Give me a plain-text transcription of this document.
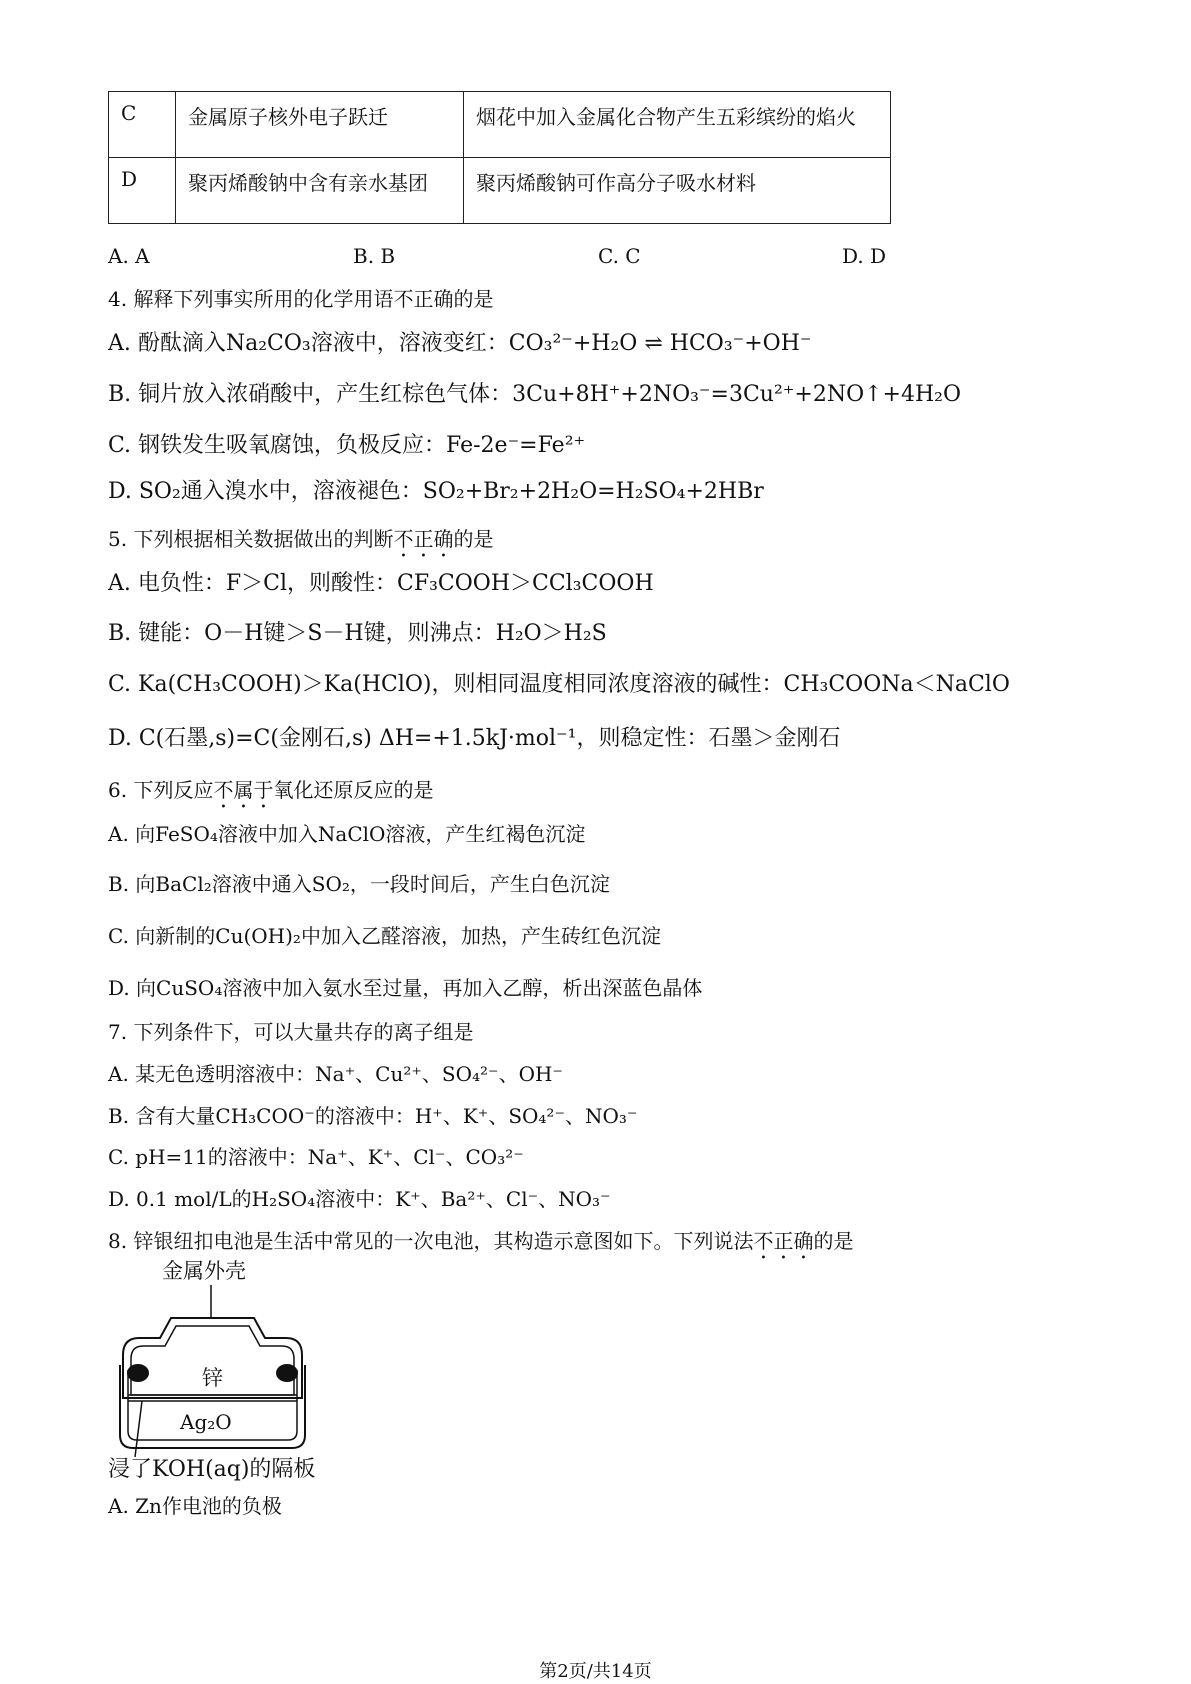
C	金属原子核外电子跃迁	烟花中加入金属化合物产生五彩缤纷的焰火
D	聚丙烯酸钠中含有亲水基团	聚丙烯酸钠可作高分子吸水材料
A. A	B. B	C. C	D. D
4. 解释下列事实所用的化学用语不正确的是
A. 酚酞滴入Na₂CO₃溶液中，溶液变红：CO₃²⁻+H₂O ⇌ HCO₃⁻+OH⁻
B. 铜片放入浓硝酸中，产生红棕色气体：3Cu+8H⁺+2NO₃⁻=3Cu²⁺+2NO↑+4H₂O
C. 钢铁发生吸氧腐蚀，负极反应：Fe-2e⁻=Fe²⁺
D. SO₂通入溴水中，溶液褪色：SO₂+Br₂+2H₂O=H₂SO₄+2HBr
5. 下列根据相关数据做出的判断不正确的是
A. 电负性：F＞Cl，则酸性：CF₃COOH＞CCl₃COOH
B. 键能：O－H键＞S－H键，则沸点：H₂O＞H₂S
C. Ka(CH₃COOH)＞Ka(HClO)，则相同温度相同浓度溶液的碱性：CH₃COONa＜NaClO
D. C(石墨,s)=C(金刚石,s) ΔH=+1.5kJ·mol⁻¹，则稳定性：石墨＞金刚石
6. 下列反应不属于氧化还原反应的是
A. 向FeSO₄溶液中加入NaClO溶液，产生红褐色沉淀
B. 向BaCl₂溶液中通入SO₂，一段时间后，产生白色沉淀
C. 向新制的Cu(OH)₂中加入乙醛溶液，加热，产生砖红色沉淀
D. 向CuSO₄溶液中加入氨水至过量，再加入乙醇，析出深蓝色晶体
7. 下列条件下，可以大量共存的离子组是
A. 某无色透明溶液中：Na⁺、Cu²⁺、SO₄²⁻、OH⁻
B. 含有大量CH₃COO⁻的溶液中：H⁺、K⁺、SO₄²⁻、NO₃⁻
C. pH=11的溶液中：Na⁺、K⁺、Cl⁻、CO₃²⁻
D. 0.1 mol/L的H₂SO₄溶液中：K⁺、Ba²⁺、Cl⁻、NO₃⁻
8. 锌银纽扣电池是生活中常见的一次电池，其构造示意图如下。下列说法不正确的是
金属外壳
锌
Ag₂O
浸了KOH(aq)的隔板
A. Zn作电池的负极
第2页/共14页
